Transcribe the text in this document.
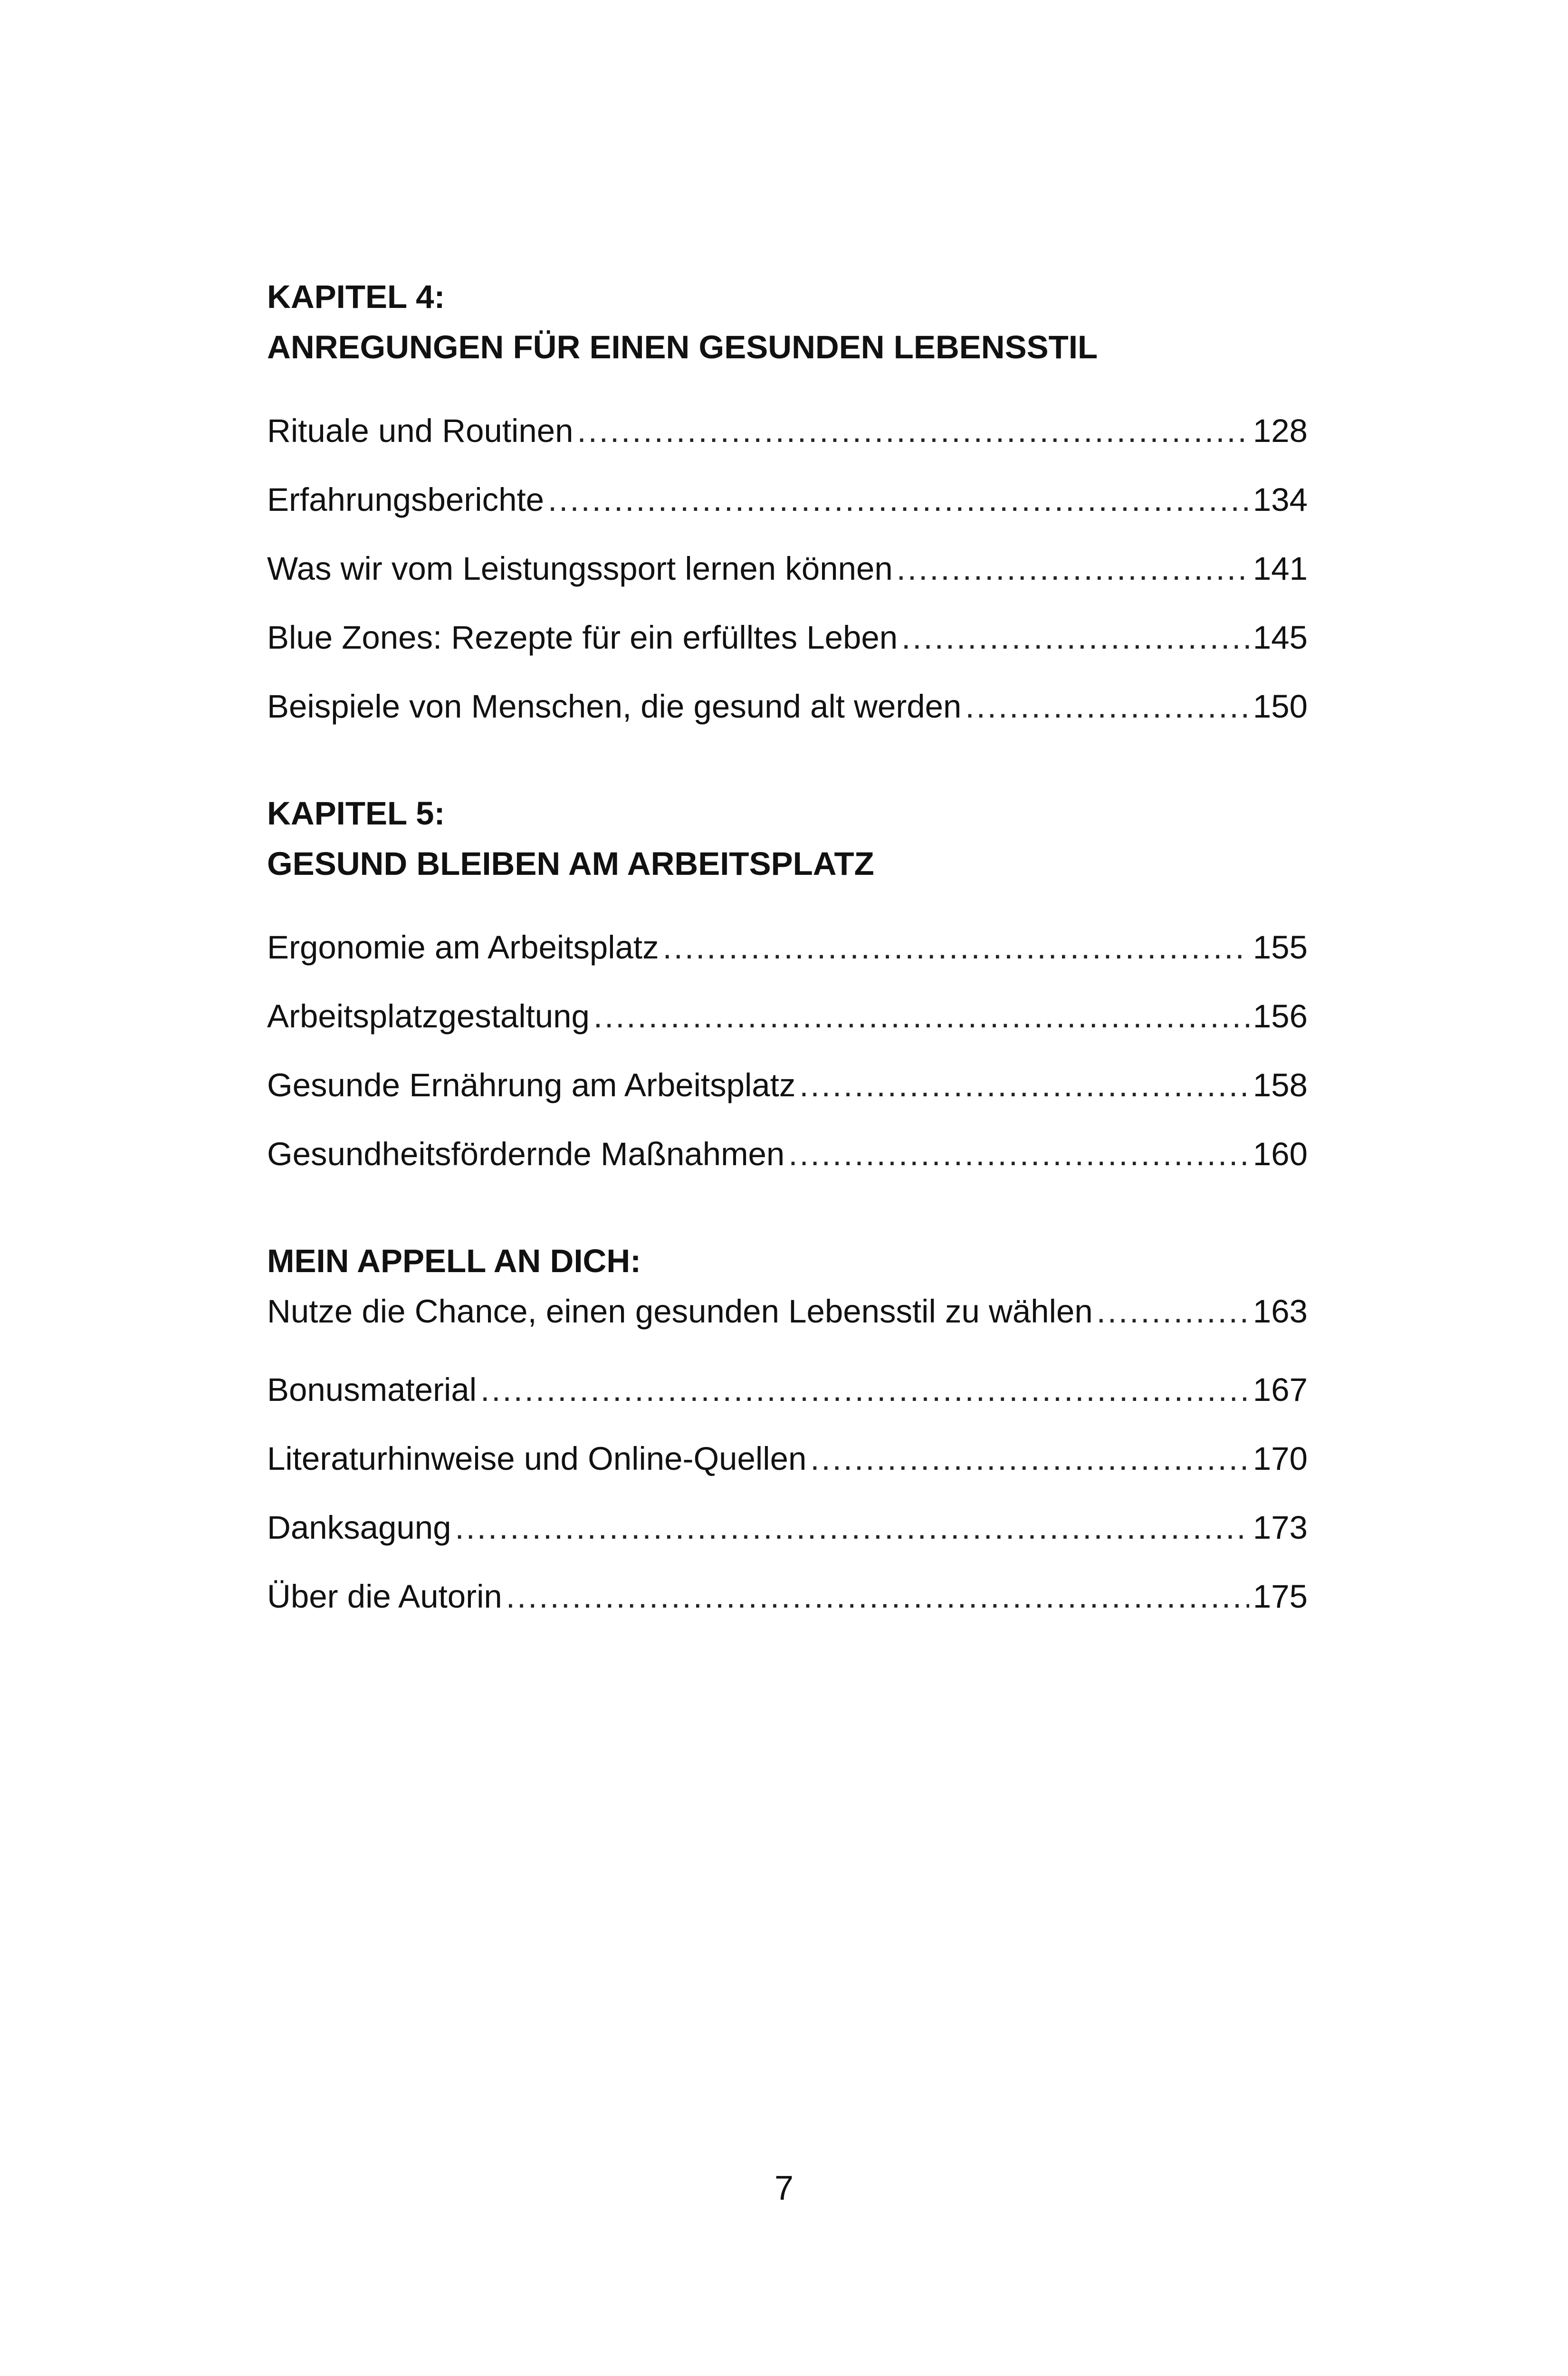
KAPITEL 4:

ANREGUNGEN FÜR EINEN GESUNDEN LEBENSSTIL

Rituale und Routinen .....	128
Erfahrungsberichte .....	134
Was wir vom Leistungssport lernen können .....	141
Blue Zones: Rezepte für ein erfülltes Leben .....	145
Beispiele von Menschen, die gesund alt werden .....	150

KAPITEL 5:

GESUND BLEIBEN AM ARBEITSPLATZ

Ergonomie am Arbeitsplatz .....	155
Arbeitsplatzgestaltung .....	156
Gesunde Ernährung am Arbeitsplatz .....	158
Gesundheitsfördernde Maßnahmen .....	160

MEIN APPELL AN DICH:

Nutze die Chance, einen gesunden Lebensstil zu wählen .....	163
Bonusmaterial .....	167
Literaturhinweise und Online-Quellen .....	170
Danksagung .....	173
Über die Autorin .....	175
7
